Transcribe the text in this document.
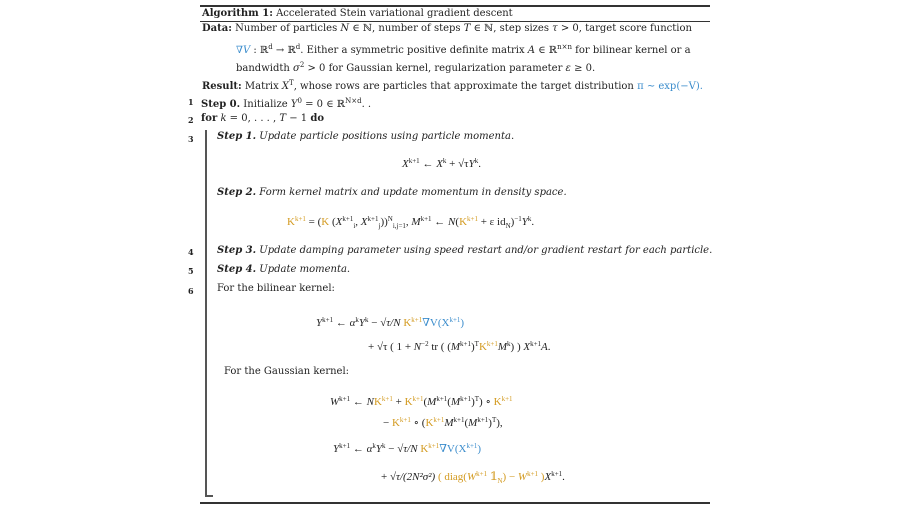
Algorithm 1: Accelerated Stein variational gradient descent
Data: Number of particles N ∈ ℕ, number of steps T ∈ ℕ, step sizes τ > 0, target score function
∇V : ℝ$^d$ → ℝ$^d$. Either a symmetric positive definite matrix A ∈ ℝ$^{n\times n}$ for bilinear kernel or a
bandwidth $\sigma^2 > 0$ for Gaussian kernel, regularization parameter ε ≥ 0.
Result: Matrix $X^T$, whose rows are particles that approximate the target distribution π ∼ exp(−V).
1 Step 0. Initialize $Y^0 = 0$ ∈ ℝ$^{N\times d}$. .
2 for k = 0, . . . , T − 1 do
3 Step 1. Update particle positions using particle momenta.
$X^{k+1}$ ← $X^k + √\tau Y^k$.
Step 2. Form kernel matrix and update momentum in density space.
$K^{k+1} = (K$ ($X^{k+1}_i$, $X^{k+1}_j))^N_{i,j=1}$, $M^{k+1}$ ← $N(K^{k+1} + \varepsilon$ $id_N)^{-1}Y^k$.
4 Step 3. Update damping parameter using speed restart and/or gradient restart for each particle.
5 Step 4. Update momenta.
6 For the bilinear kernel:
$Y^{k+1}$ ← $\alpha^kY^k - √\tau/N$ $K^{k+1}\nabla V(X^{k+1})$
+ √τ ( $1 + N^{-2}$ tr ( $(M^{k+1})^TK^{k+1}M^k$) ) $X^{k+1}A$.
For the Gaussian kernel:
$W^{k+1}$ ← $NK^{k+1} + K^{k+1}(M^{k+1}(M^{k+1})^T)$ ∘ $K^{k+1}$
− $K^{k+1}$ ∘ $(K^{k+1}M^{k+1}(M^{k+1})^T)$,
$Y^{k+1}$ ← $\alpha^kY^k - √\tau/N$ $K^{k+1}\nabla V(X^{k+1})$
+ √τ/(2N²σ²) ( $diag(W^{k+1}$ $𝟙_N) - W^{k+1}$ )$X^{k+1}$.
